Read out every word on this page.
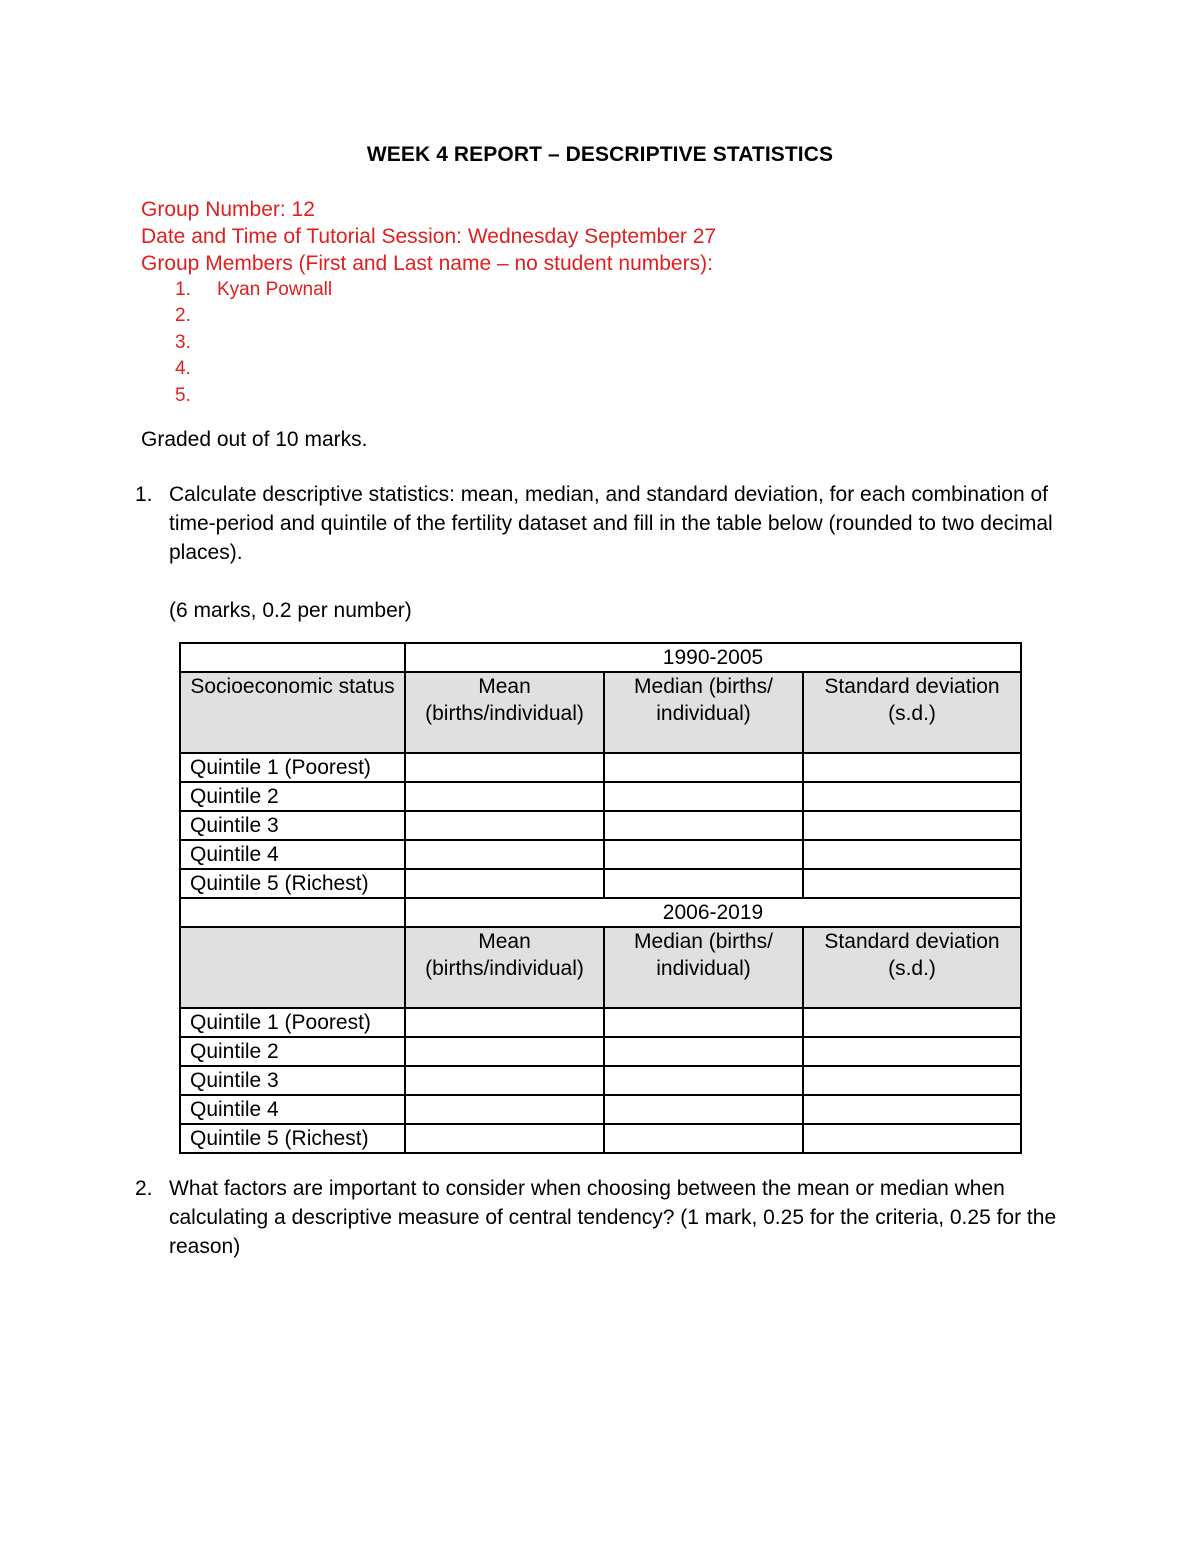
WEEK 4 REPORT – DESCRIPTIVE STATISTICS
Group Number: 12
Date and Time of Tutorial Session: Wednesday September 27
Group Members (First and Last name – no student numbers):
1. Kyan Pownall
2.
3.
4.
5.
Graded out of 10 marks.
1. Calculate descriptive statistics: mean, median, and standard deviation, for each combination of time-period and quintile of the fertility dataset and fill in the table below (rounded to two decimal places).
(6 marks, 0.2 per number)
	1990-2005		
Socioeconomic status	Mean (births/individual)	Median (births/ individual)	Standard deviation (s.d.)
Quintile 1 (Poorest)			
Quintile 2			
Quintile 3			
Quintile 4			
Quintile 5 (Richest)			
	2006-2019		
	Mean (births/individual)	Median (births/ individual)	Standard deviation (s.d.)
Quintile 1 (Poorest)			
Quintile 2			
Quintile 3			
Quintile 4			
Quintile 5 (Richest)			
2. What factors are important to consider when choosing between the mean or median when calculating a descriptive measure of central tendency? (1 mark, 0.25 for the criteria, 0.25 for the reason)
